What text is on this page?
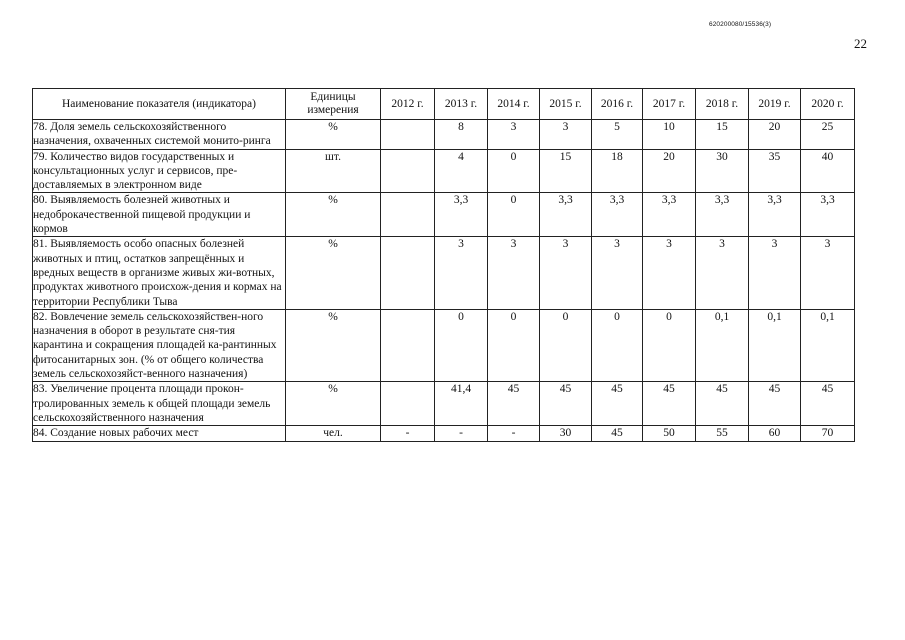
620200080/15536(3)
22
Наименование показателя (индикатора)	Единицы измерения	2012 г.	2013 г.	2014 г.	2015 г.	2016 г.	2017 г.	2018 г.	2019 г.	2020 г.
78. Доля земель сельскохозяйственного назначения, охваченных системой монито-ринга	%		8	3	3	5	10	15	20	25
79. Количество видов государственных и консультационных услуг и сервисов, пре-доставляемых в электронном виде	шт.		4	0	15	18	20	30	35	40
80. Выявляемость болезней животных и недоброкачественной пищевой продукции и кормов	%		3,3	0	3,3	3,3	3,3	3,3	3,3	3,3
81. Выявляемость особо опасных болезней животных и птиц, остатков запрещённых и вредных веществ в организме живых жи-вотных, продуктах животного происхож-дения и кормах на территории Республики Тыва	%		3	3	3	3	3	3	3	3
82. Вовлечение земель сельскохозяйствен-ного назначения в оборот в результате сня-тия карантина и сокращения площадей ка-рантинных фитосанитарных зон. (% от общего количества земель сельскохозяйст-венного назначения)	%		0	0	0	0	0	0,1	0,1	0,1
83. Увеличение процента площади прокон-тролированных земель к общей площади земель сельскохозяйственного назначения	%		41,4	45	45	45	45	45	45	45
84. Создание новых рабочих мест	чел.	-	-	-	30	45	50	55	60	70
